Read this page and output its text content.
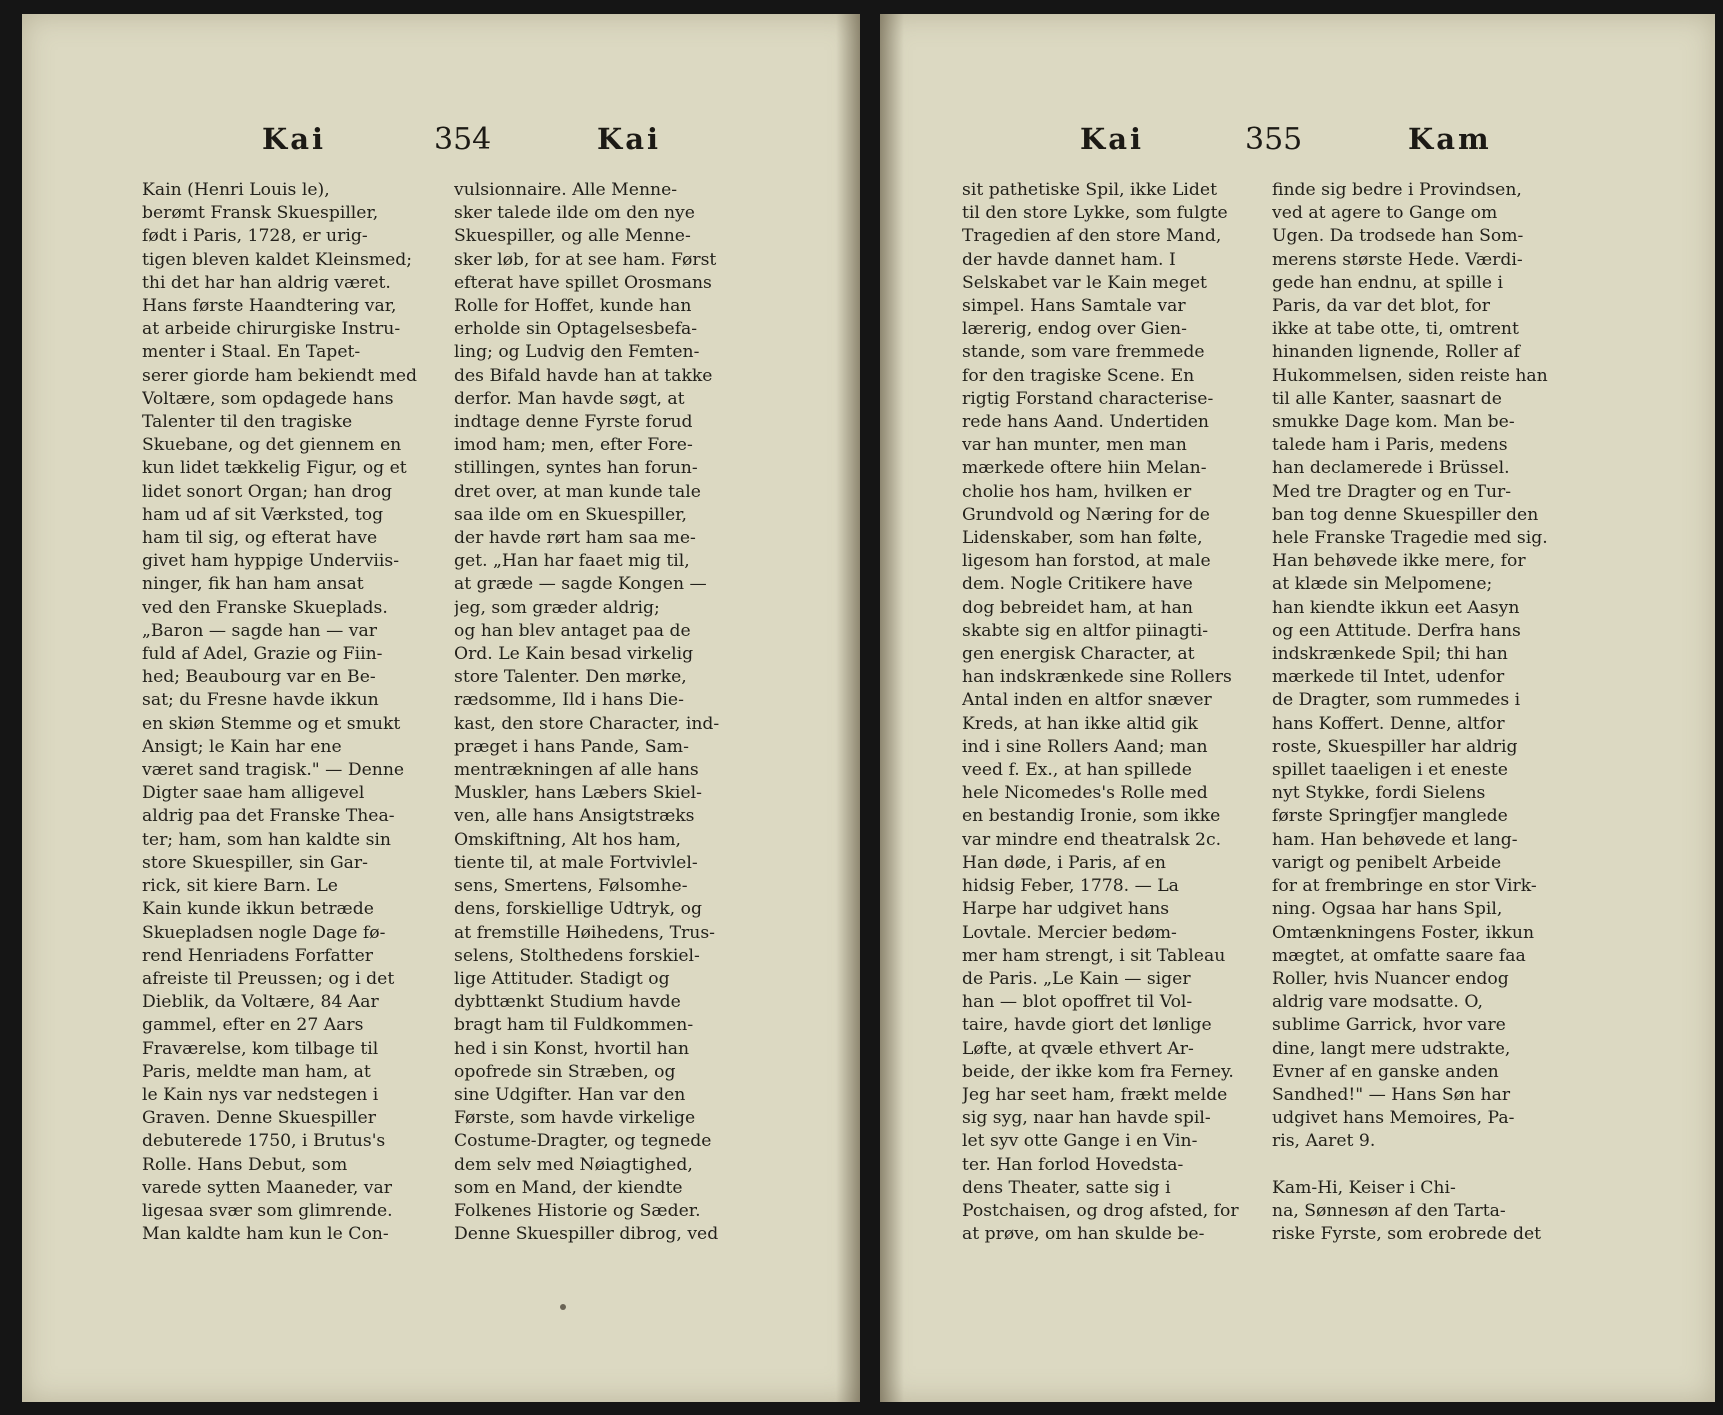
Kai	354	Kai
Kain (Henri Louis le),
berømt Fransk Skuespiller,
født i Paris, 1728, er urig-
tigen bleven kaldet Kleinsmed;
thi det har han aldrig været.
Hans første Haandtering var,
at arbeide chirurgiske Instru-
menter i Staal. En Tapet-
serer giorde ham bekiendt med
Voltære, som opdagede hans
Talenter til den tragiske
Skuebane, og det giennem en
kun lidet tækkelig Figur, og et
lidet sonort Organ; han drog
ham ud af sit Værksted, tog
ham til sig, og efterat have
givet ham hyppige Underviis-
ninger, fik han ham ansat
ved den Franske Skueplads.
„Baron — sagde han — var
fuld af Adel, Grazie og Fiin-
hed; Beaubourg var en Be-
sat; du Fresne havde ikkun
en skiøn Stemme og et smukt
Ansigt; le Kain har ene
været sand tragisk." — Denne
Digter saae ham alligevel
aldrig paa det Franske Thea-
ter; ham, som han kaldte sin
store Skuespiller, sin Gar-
rick, sit kiere Barn. Le
Kain kunde ikkun betræde
Skuepladsen nogle Dage fø-
rend Henriadens Forfatter
afreiste til Preussen; og i det
Dieblik, da Voltære, 84 Aar
gammel, efter en 27 Aars
Fraværelse, kom tilbage til
Paris, meldte man ham, at
le Kain nys var nedstegen i
Graven. Denne Skuespiller
debuterede 1750, i Brutus's
Rolle. Hans Debut, som
varede sytten Maaneder, var
ligesaa svær som glimrende.
Man kaldte ham kun le Con-
vulsionnaire. Alle Menne-
sker talede ilde om den nye
Skuespiller, og alle Menne-
sker løb, for at see ham. Først
efterat have spillet Orosmans
Rolle for Hoffet, kunde han
erholde sin Optagelsesbefa-
ling; og Ludvig den Femten-
des Bifald havde han at takke
derfor. Man havde søgt, at
indtage denne Fyrste forud
imod ham; men, efter Fore-
stillingen, syntes han forun-
dret over, at man kunde tale
saa ilde om en Skuespiller,
der havde rørt ham saa me-
get. „Han har faaet mig til,
at græde — sagde Kongen —
jeg, som græder aldrig;
og han blev antaget paa de
Ord. Le Kain besad virkelig
store Talenter. Den mørke,
rædsomme, Ild i hans Die-
kast, den store Character, ind-
præget i hans Pande, Sam-
mentrækningen af alle hans
Muskler, hans Læbers Skiel-
ven, alle hans Ansigtstræks
Omskiftning, Alt hos ham,
tiente til, at male Fortvivlel-
sens, Smertens, Følsomhe-
dens, forskiellige Udtryk, og
at fremstille Høihedens, Trus-
selens, Stolthedens forskiel-
lige Attituder. Stadigt og
dybttænkt Studium havde
bragt ham til Fuldkommen-
hed i sin Konst, hvortil han
opofrede sin Stræben, og
sine Udgifter. Han var den
Første, som havde virkelige
Costume-Dragter, og tegnede
dem selv med Nøiagtighed,
som en Mand, der kiendte
Folkenes Historie og Sæder.
Denne Skuespiller dibrog, ved
Kai	355	Kam
sit pathetiske Spil, ikke Lidet
til den store Lykke, som fulgte
Tragedien af den store Mand,
der havde dannet ham. I
Selskabet var le Kain meget
simpel. Hans Samtale var
lærerig, endog over Gien-
stande, som vare fremmede
for den tragiske Scene. En
rigtig Forstand characterise-
rede hans Aand. Undertiden
var han munter, men man
mærkede oftere hiin Melan-
cholie hos ham, hvilken er
Grundvold og Næring for de
Lidenskaber, som han følte,
ligesom han forstod, at male
dem. Nogle Critikere have
dog bebreidet ham, at han
skabte sig en altfor piinagti-
gen energisk Character, at
han indskrænkede sine Rollers
Antal inden en altfor snæver
Kreds, at han ikke altid gik
ind i sine Rollers Aand; man
veed f. Ex., at han spillede
hele Nicomedes's Rolle med
en bestandig Ironie, som ikke
var mindre end theatralsk 2c.
Han døde, i Paris, af en
hidsig Feber, 1778. — La
Harpe har udgivet hans
Lovtale. Mercier bedøm-
mer ham strengt, i sit Tableau
de Paris. „Le Kain — siger
han — blot opoffret til Vol-
taire, havde giort det lønlige
Løfte, at qvæle ethvert Ar-
beide, der ikke kom fra Ferney.
Jeg har seet ham, frækt melde
sig syg, naar han havde spil-
let syv otte Gange i en Vin-
ter. Han forlod Hovedsta-
dens Theater, satte sig i
Postchaisen, og drog afsted, for
at prøve, om han skulde be-
finde sig bedre i Provindsen,
ved at agere to Gange om
Ugen. Da trodsede han Som-
merens største Hede. Værdi-
gede han endnu, at spille i
Paris, da var det blot, for
ikke at tabe otte, ti, omtrent
hinanden lignende, Roller af
Hukommelsen, siden reiste han
til alle Kanter, saasnart de
smukke Dage kom. Man be-
talede ham i Paris, medens
han declamerede i Brüssel.
Med tre Dragter og en Tur-
ban tog denne Skuespiller den
hele Franske Tragedie med sig.
Han behøvede ikke mere, for
at klæde sin Melpomene;
han kiendte ikkun eet Aasyn
og een Attitude. Derfra hans
indskrænkede Spil; thi han
mærkede til Intet, udenfor
de Dragter, som rummedes i
hans Koffert. Denne, altfor
roste, Skuespiller har aldrig
spillet taaeligen i et eneste
nyt Stykke, fordi Sielens
første Springfjer manglede
ham. Han behøvede et lang-
varigt og penibelt Arbeide
for at frembringe en stor Virk-
ning. Ogsaa har hans Spil,
Omtænkningens Foster, ikkun
mægtet, at omfatte saare faa
Roller, hvis Nuancer endog
aldrig vare modsatte. O,
sublime Garrick, hvor vare
dine, langt mere udstrakte,
Evner af en ganske anden
Sandhed!" — Hans Søn har
udgivet hans Memoires, Pa-
ris, Aaret 9.
Kam-Hi, Keiser i Chi-
na, Sønnesøn af den Tarta-
riske Fyrste, som erobrede det
